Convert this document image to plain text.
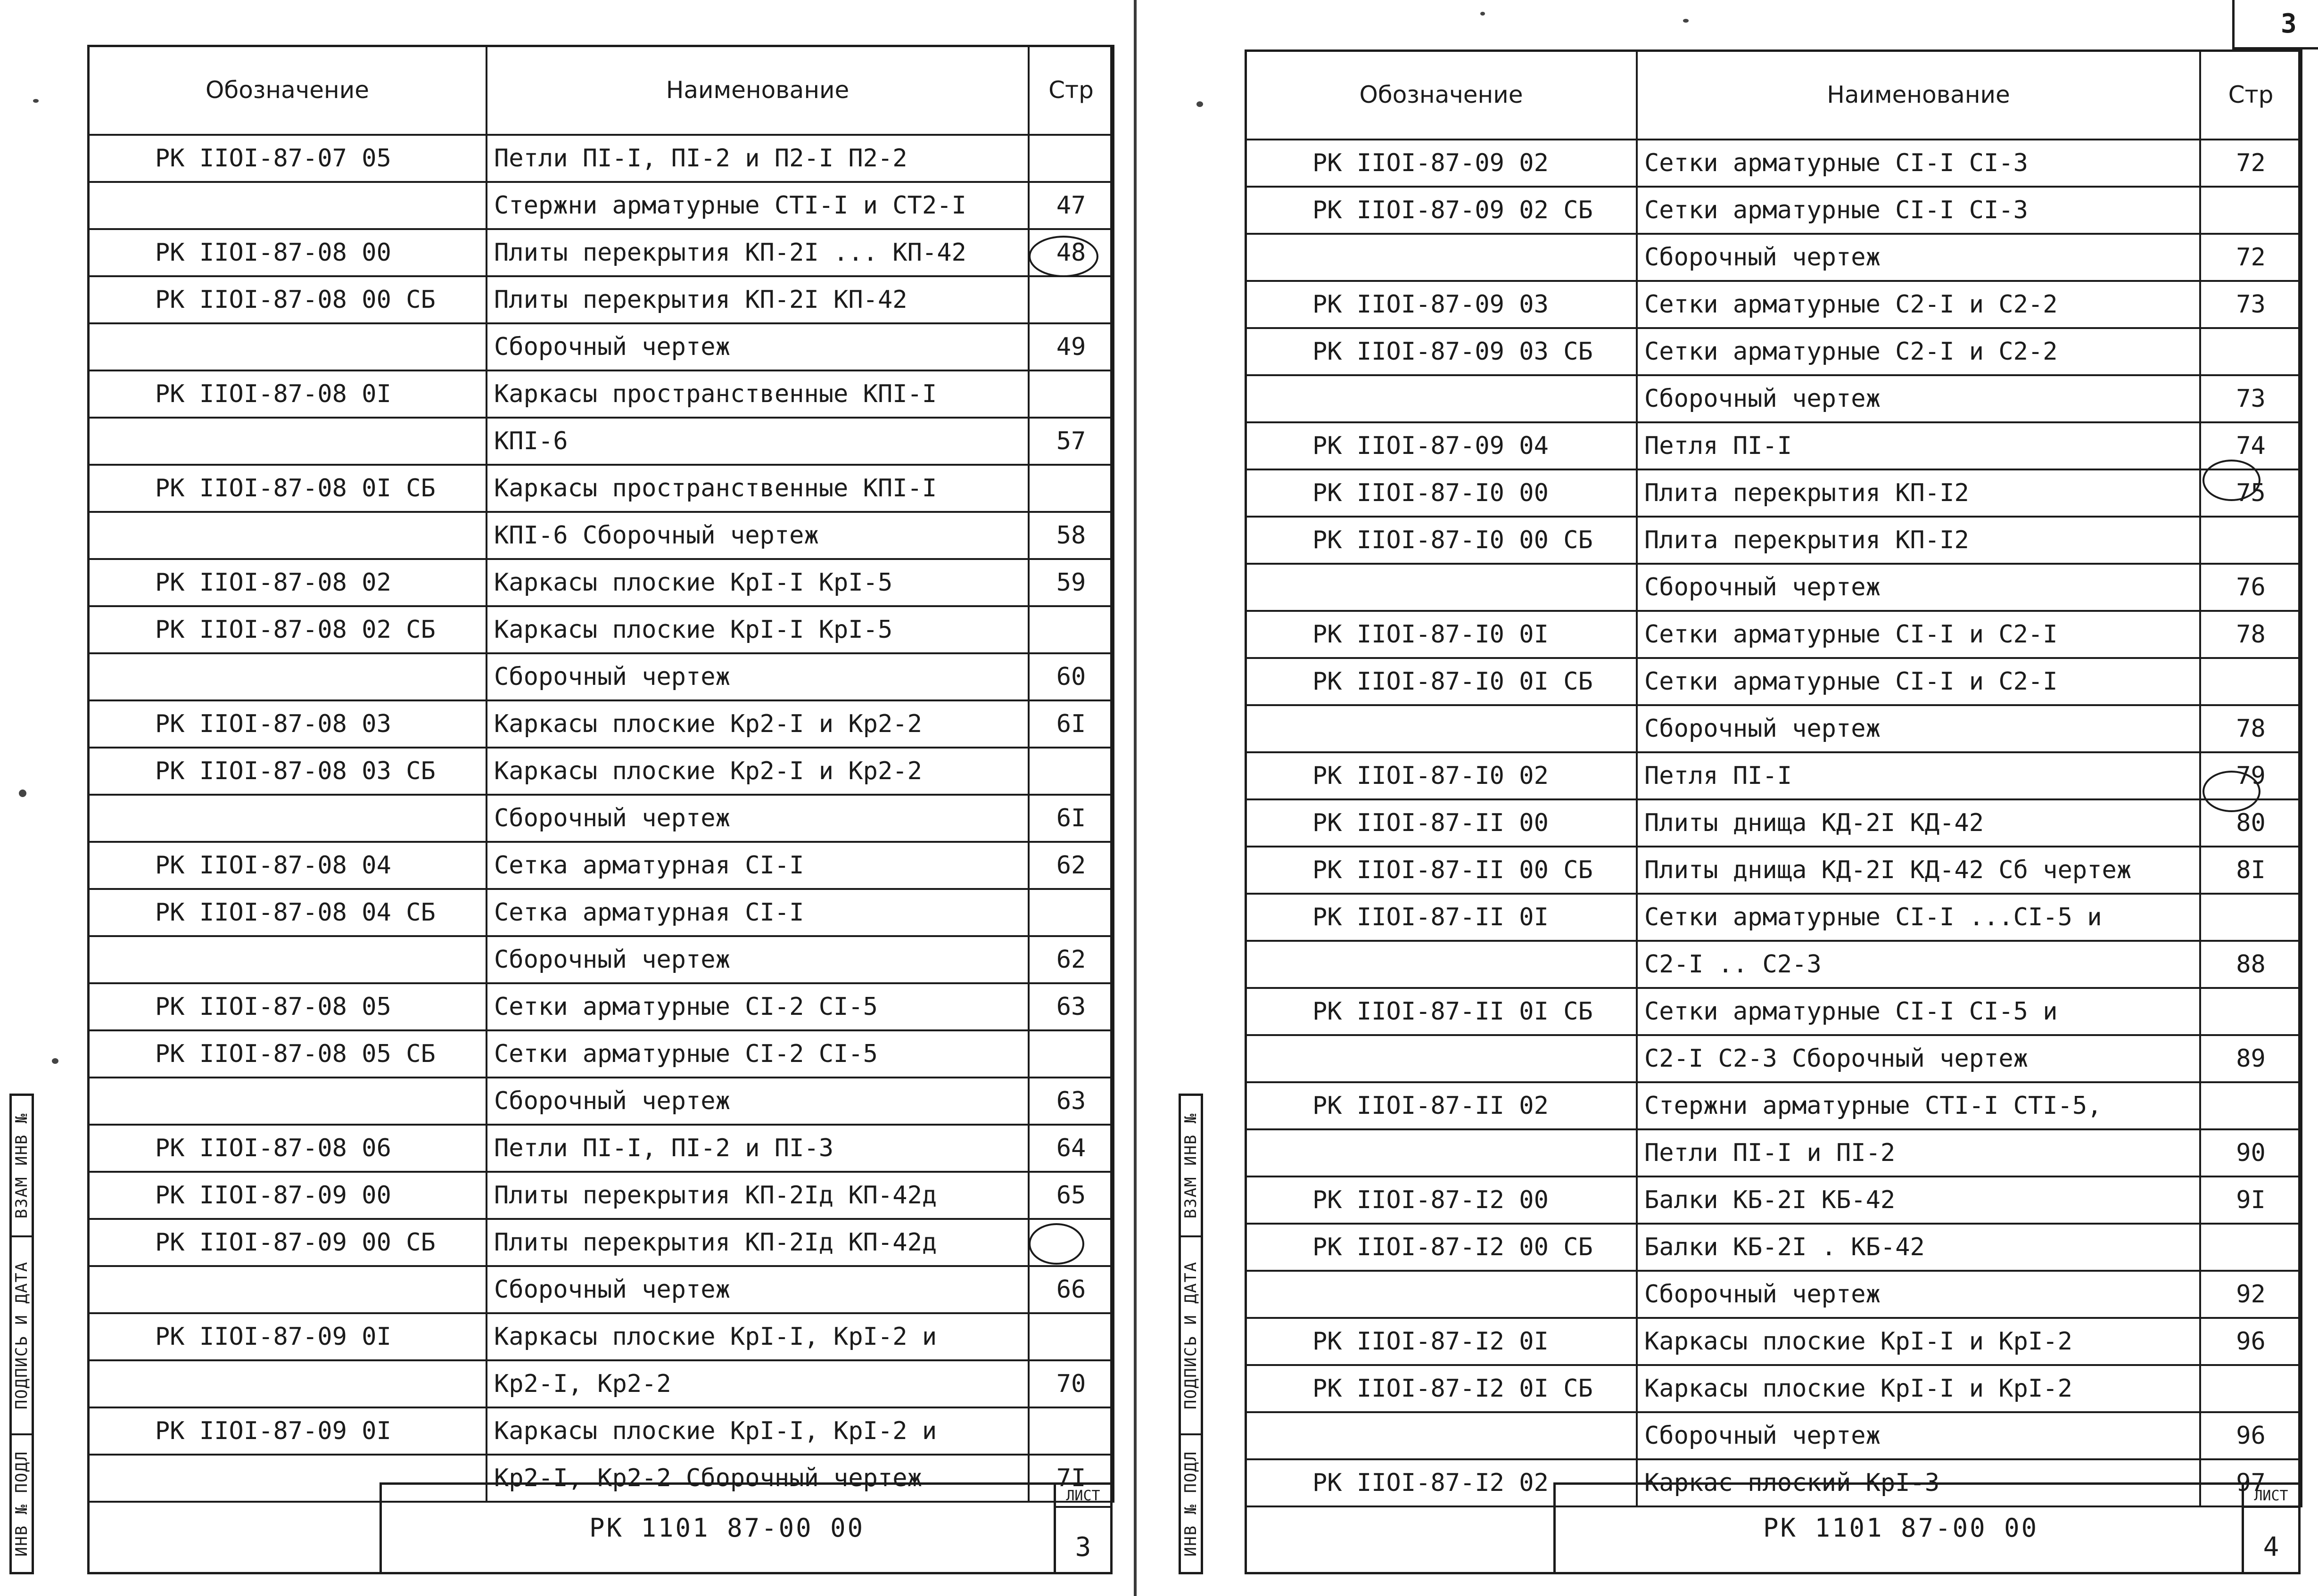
Обозначение	Наименование	Стр
РК IIOI-87-07 05	Петли ПI-I, ПI-2 и П2-I П2-2	
	Стержни арматурные СТI-I и СТ2-I	47
РК IIOI-87-08 00	Плиты перекрытия КП-2I ... КП-42	48
РК IIOI-87-08 00 СБ	Плиты перекрытия КП-2I КП-42	
	Сборочный чертеж	49
РК IIOI-87-08 0I	Каркасы пространственные КПI-I	
	КПI-6	57
РК IIOI-87-08 0I СБ	Каркасы пространственные КПI-I	
	КПI-6 Сборочный чертеж	58
РК IIOI-87-08 02	Каркасы плоские КрI-I КрI-5	59
РК IIOI-87-08 02 СБ	Каркасы плоские КрI-I КрI-5	
	Сборочный чертеж	60
РК IIOI-87-08 03	Каркасы плоские Кр2-I и Кр2-2	6I
РК IIOI-87-08 03 СБ	Каркасы плоские Кр2-I и Кр2-2	
	Сборочный чертеж	6I
РК IIOI-87-08 04	Сетка арматурная СI-I	62
РК IIOI-87-08 04 СБ	Сетка арматурная СI-I	
	Сборочный чертеж	62
РК IIOI-87-08 05	Сетки арматурные СI-2 СI-5	63
РК IIOI-87-08 05 СБ	Сетки арматурные СI-2 СI-5	
	Сборочный чертеж	63
РК IIOI-87-08 06	Петли ПI-I, ПI-2 и ПI-3	64
РК IIOI-87-09 00	Плиты перекрытия КП-2Iд КП-42д	65
РК IIOI-87-09 00 СБ	Плиты перекрытия КП-2Iд КП-42д	
	Сборочный чертеж	66
РК IIOI-87-09 0I	Каркасы плоские КрI-I, КрI-2 и	
	Кр2-I, Кр2-2	70
РК IIOI-87-09 0I	Каркасы плоские КрI-I, КрI-2 и	
	Кр2-I, Кр2-2 Сборочный чертеж	7I
ВЗАМ ИНВ №
ПОДПИСЬ И ДАТА
ИНВ № ПОДЛ	РК 1101 87-00 00
ЛИСТ
3
3
Обозначение	Наименование	Стр
РК IIOI-87-09 02	Сетки арматурные СI-I СI-3	72
РК IIOI-87-09 02 СБ	Сетки арматурные СI-I СI-3	
	Сборочный чертеж	72
РК IIOI-87-09 03	Сетки арматурные С2-I и С2-2	73
РК IIOI-87-09 03 СБ	Сетки арматурные С2-I и С2-2	
	Сборочный чертеж	73
РК IIOI-87-09 04	Петля ПI-I	74
РК IIOI-87-I0 00	Плита перекрытия КП-I2	75
РК IIOI-87-I0 00 СБ	Плита перекрытия КП-I2	
	Сборочный чертеж	76
РК IIOI-87-I0 0I	Сетки арматурные СI-I и С2-I	78
РК IIOI-87-I0 0I СБ	Сетки арматурные СI-I и С2-I	
	Сборочный чертеж	78
РК IIOI-87-I0 02	Петля ПI-I	79
РК IIOI-87-II 00	Плиты днища КД-2I КД-42	80
РК IIOI-87-II 00 СБ	Плиты днища КД-2I КД-42 Сб чертеж	8I
РК IIOI-87-II 0I	Сетки арматурные СI-I ...СI-5 и	
	С2-I .. С2-3	88
РК IIOI-87-II 0I СБ	Сетки арматурные СI-I СI-5 и	
	С2-I С2-3 Сборочный чертеж	89
РК IIOI-87-II 02	Стержни арматурные СТI-I СТI-5,	
	Петли ПI-I и ПI-2	90
РК IIOI-87-I2 00	Балки КБ-2I КБ-42	9I
РК IIOI-87-I2 00 СБ	Балки КБ-2I . КБ-42	
	Сборочный чертеж	92
РК IIOI-87-I2 0I	Каркасы плоские КрI-I и КрI-2	96
РК IIOI-87-I2 0I СБ	Каркасы плоские КрI-I и КрI-2	
	Сборочный чертеж	96
РК IIOI-87-I2 02	Каркас плоский КрI-3	97
ВЗАМ ИНВ №
ПОДПИСЬ И ДАТА
ИНВ № ПОДЛ	РК 1101 87-00 00
ЛИСТ
4
